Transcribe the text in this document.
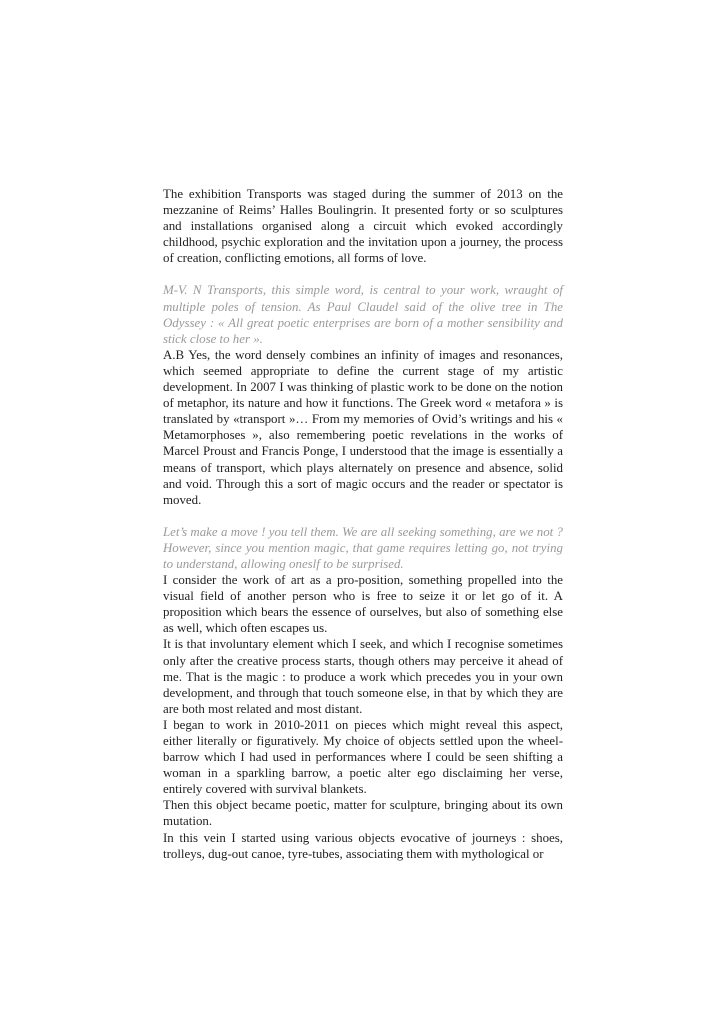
The exhibition Transports was staged during the summer of 2013 on the mezzanine of Reims’ Halles Boulingrin. It presented forty or so sculptures and installations organised along a circuit which evoked accordingly childhood, psychic exploration and the invitation upon a journey, the process of creation, conflicting emotions, all forms of love.

M-V. N Transports, this simple word, is central to your work, wraught of multiple poles of tension. As Paul Claudel said of the olive tree in The Odyssey : « All great poetic enterprises are born of a mother sensibility and stick close to her ».

A.B Yes, the word densely combines an infinity of images and resonances, which seemed appropriate to define the current stage of my artistic development. In 2007 I was thinking of plastic work to be done on the notion of metaphor, its nature and how it functions. The Greek word « metafora » is translated by «transport »… From my memories of Ovid’s writings and his « Metamorphoses », also remembering poetic revelations in the works of Marcel Proust and Francis Ponge, I understood that the image is essentially a means of transport, which plays alternately on presence and absence, solid and void. Through this a sort of magic occurs and the reader or spectator is moved.

Let’s make a move ! you tell them. We are all seeking something, are we not ? However, since you mention magic, that game requires letting go, not trying to understand, allowing oneslf to be surprised.

I consider the work of art as a pro-position, something propelled into the visual field of another person who is free to seize it or let go of it. A proposition which bears the essence of ourselves, but also of something else as well, which often escapes us.

It is that involuntary element which I seek, and which I recognise sometimes only after the creative process starts, though others may perceive it ahead of me. That is the magic : to produce a work which precedes you in your own development, and through that touch someone else, in that by which they are are both most related and most distant.

I began to work in 2010-2011 on pieces which might reveal this aspect, either literally or figuratively. My choice of objects settled upon the wheel-barrow which I had used in performances where I could be seen shifting a woman in a sparkling barrow, a poetic alter ego disclaiming her verse, entirely covered with survival blankets.

Then this object became poetic, matter for sculpture, bringing about its own mutation.

In this vein I started using various objects evocative of journeys : shoes, trolleys, dug-out canoe, tyre-tubes, associating them with mythological or
